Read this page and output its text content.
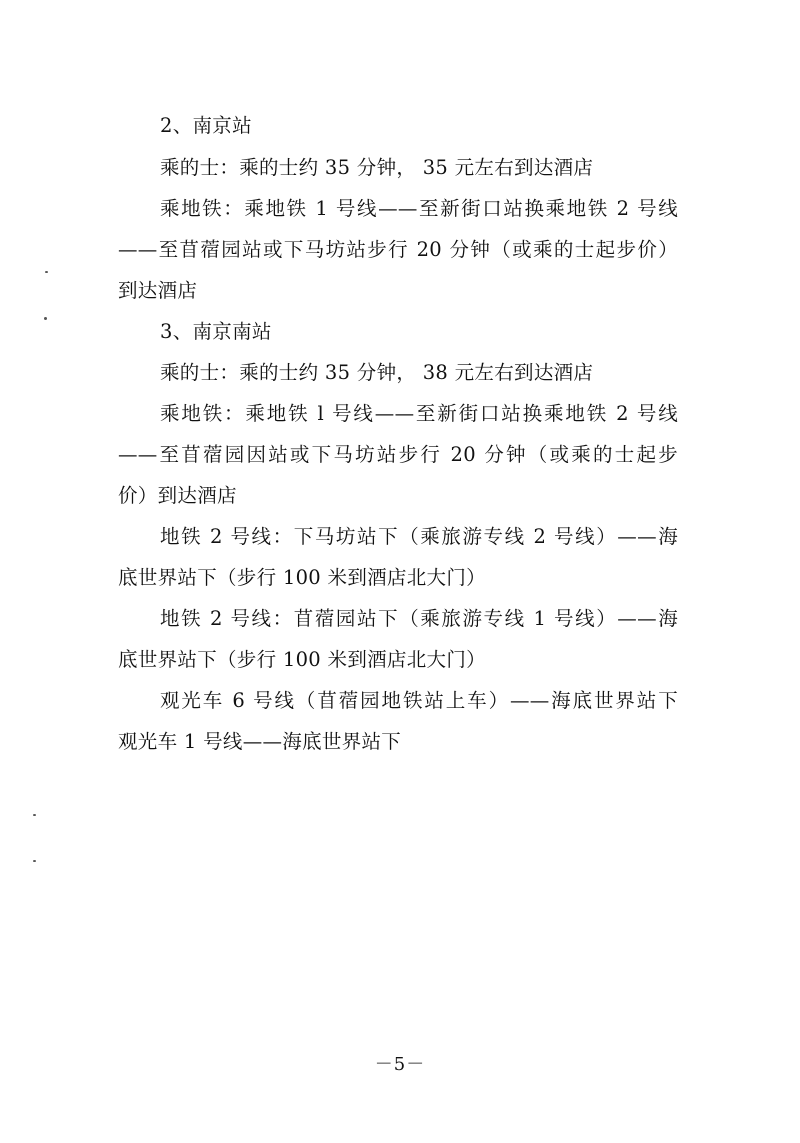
2、南京站
乘的士：乘的士约 35 分钟， 35 元左右到达酒店
乘地铁：乘地铁 1 号线——至新街口站换乘地铁 2 号线
——至苜蓿园站或下马坊站步行 20 分钟（或乘的士起步价）
到达酒店
3、南京南站
乘的士：乘的士约 35 分钟， 38 元左右到达酒店
乘地铁：乘地铁 l 号线——至新街口站换乘地铁 2 号线
——至苜蓿园因站或下马坊站步行 20 分钟（或乘的士起步
价）到达酒店
地铁 2 号线：下马坊站下（乘旅游专线 2 号线）——海
底世界站下（步行 100 米到酒店北大门）
地铁 2 号线：苜蓿园站下（乘旅游专线 1 号线）——海
底世界站下（步行 100 米到酒店北大门）
观光车 6 号线（苜蓿园地铁站上车）——海底世界站下
观光车 1 号线——海底世界站下
－5－
